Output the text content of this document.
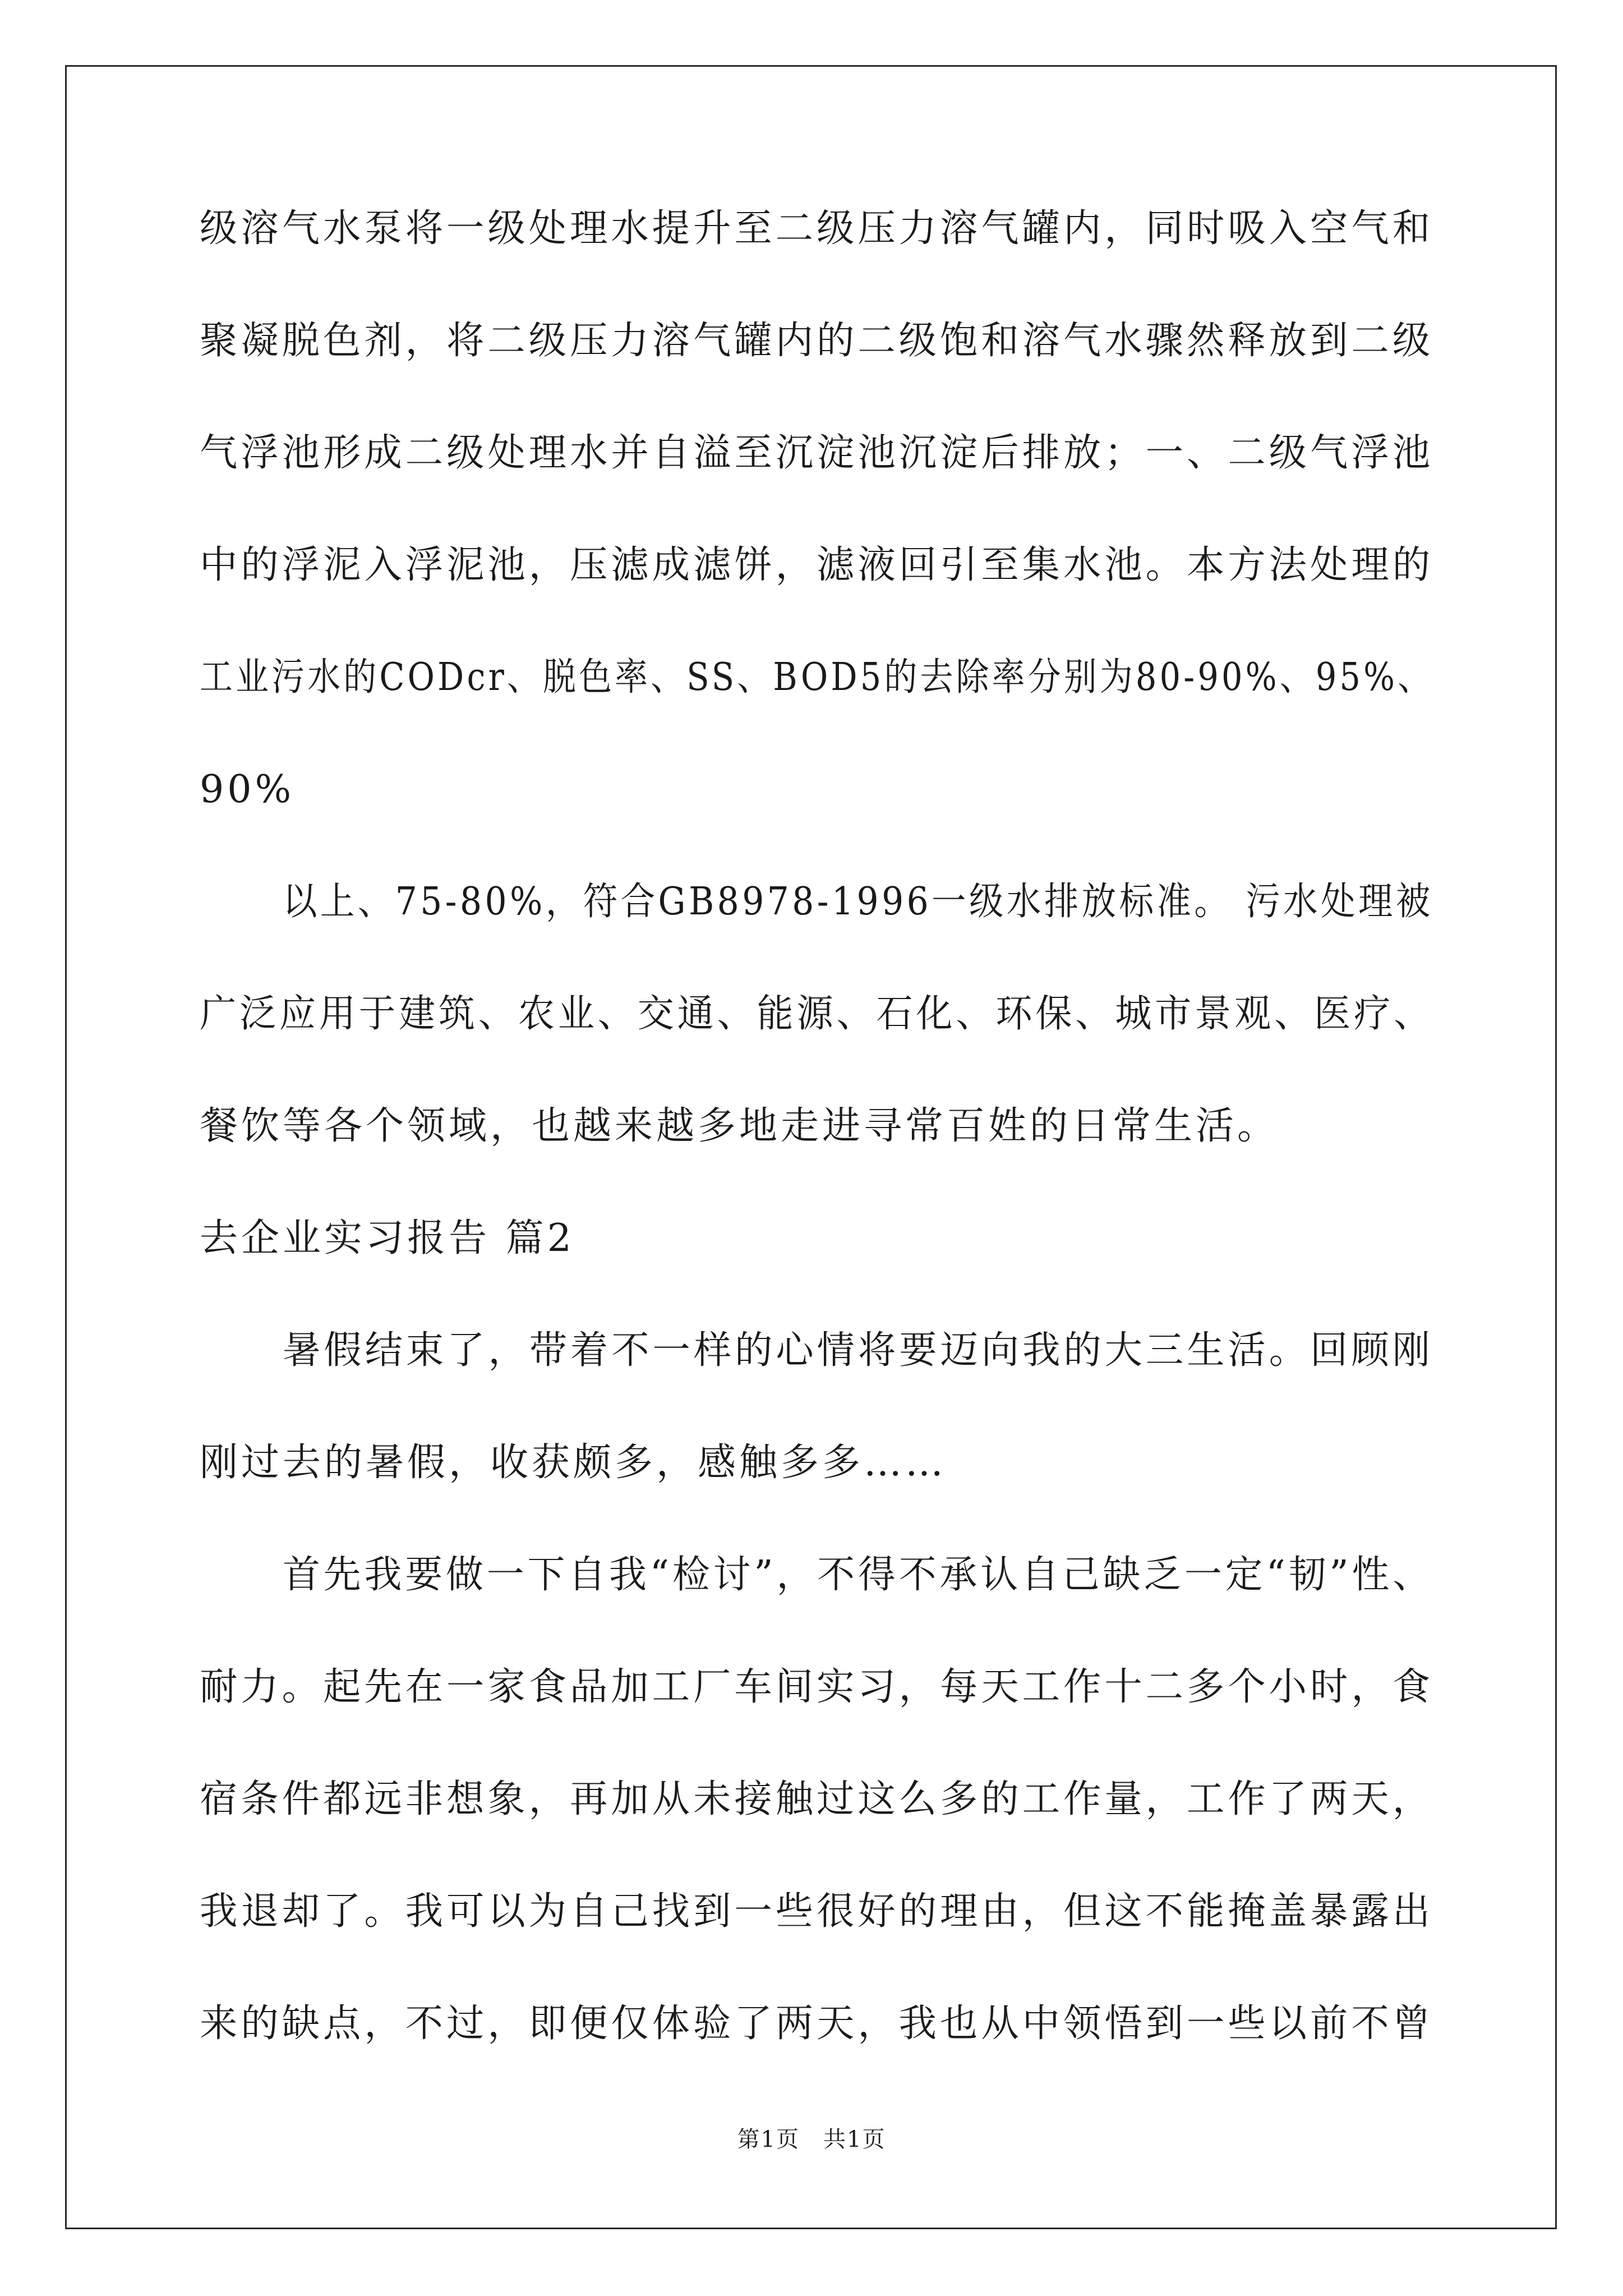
级溶气水泵将一级处理水提升至二级压力溶气罐内，同时吸入空气和
聚凝脱色剂，将二级压力溶气罐内的二级饱和溶气水骤然释放到二级
气浮池形成二级处理水并自溢至沉淀池沉淀后排放；一、二级气浮池
中的浮泥入浮泥池，压滤成滤饼，滤液回引至集水池。本方法处理的
工业污水的CODcr、脱色率、SS、BOD5的去除率分别为80-90%、95%、
90%
以上、75-80%，符合GB8978-1996一级水排放标准。 污水处理被
广泛应用于建筑、农业、交通、能源、石化、环保、城市景观、医疗、
餐饮等各个领域，也越来越多地走进寻常百姓的日常生活。
去企业实习报告 篇2
暑假结束了，带着不一样的心情将要迈向我的大三生活。回顾刚
刚过去的暑假，收获颇多，感触多多……
首先我要做一下自我“检讨”，不得不承认自己缺乏一定“韧”性、
耐力。起先在一家食品加工厂车间实习，每天工作十二多个小时，食
宿条件都远非想象，再加从未接触过这么多的工作量，工作了两天，
我退却了。我可以为自己找到一些很好的理由，但这不能掩盖暴露出
来的缺点，不过，即便仅体验了两天，我也从中领悟到一些以前不曾
第1页　共1页
